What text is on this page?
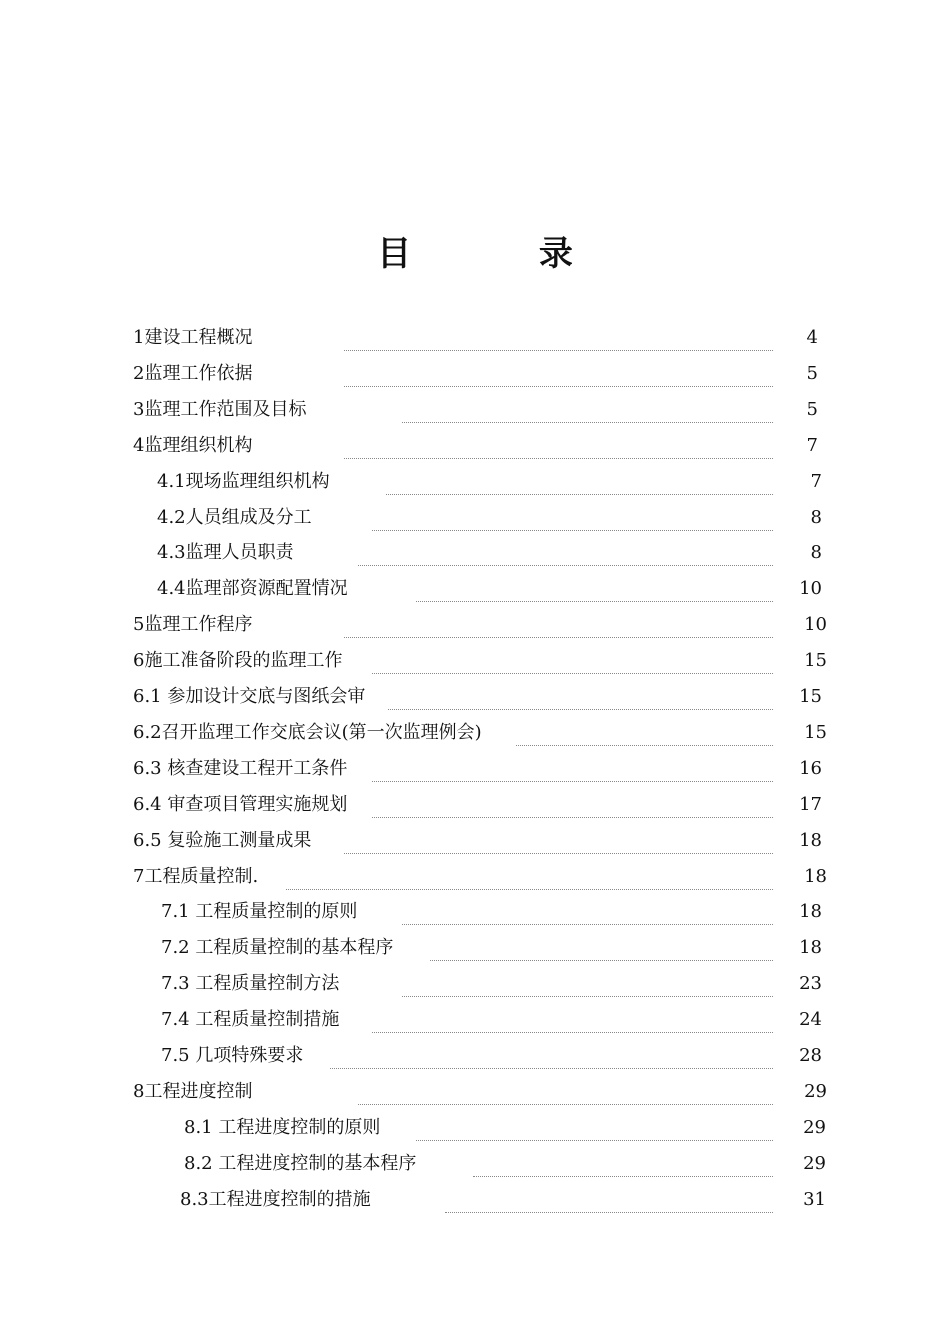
目 录
1建设工程概况	4
2监理工作依据	5
3监理工作范围及目标	5
4监理组织机构	7
4.1现场监理组织机构	7
4.2人员组成及分工	8
4.3监理人员职责	8
4.4监理部资源配置情况	10
5监理工作程序	10
6施工准备阶段的监理工作	15
6.1 参加设计交底与图纸会审	15
6.2召开监理工作交底会议(第一次监理例会)	15
6.3 核查建设工程开工条件	16
6.4 审查项目管理实施规划	17
6.5 复验施工测量成果	18
7工程质量控制.	18
7.1 工程质量控制的原则	18
7.2 工程质量控制的基本程序	18
7.3 工程质量控制方法	23
7.4 工程质量控制措施	24
7.5 几项特殊要求	28
8工程进度控制	29
8.1 工程进度控制的原则	29
8.2 工程进度控制的基本程序	29
8.3工程进度控制的措施	31
